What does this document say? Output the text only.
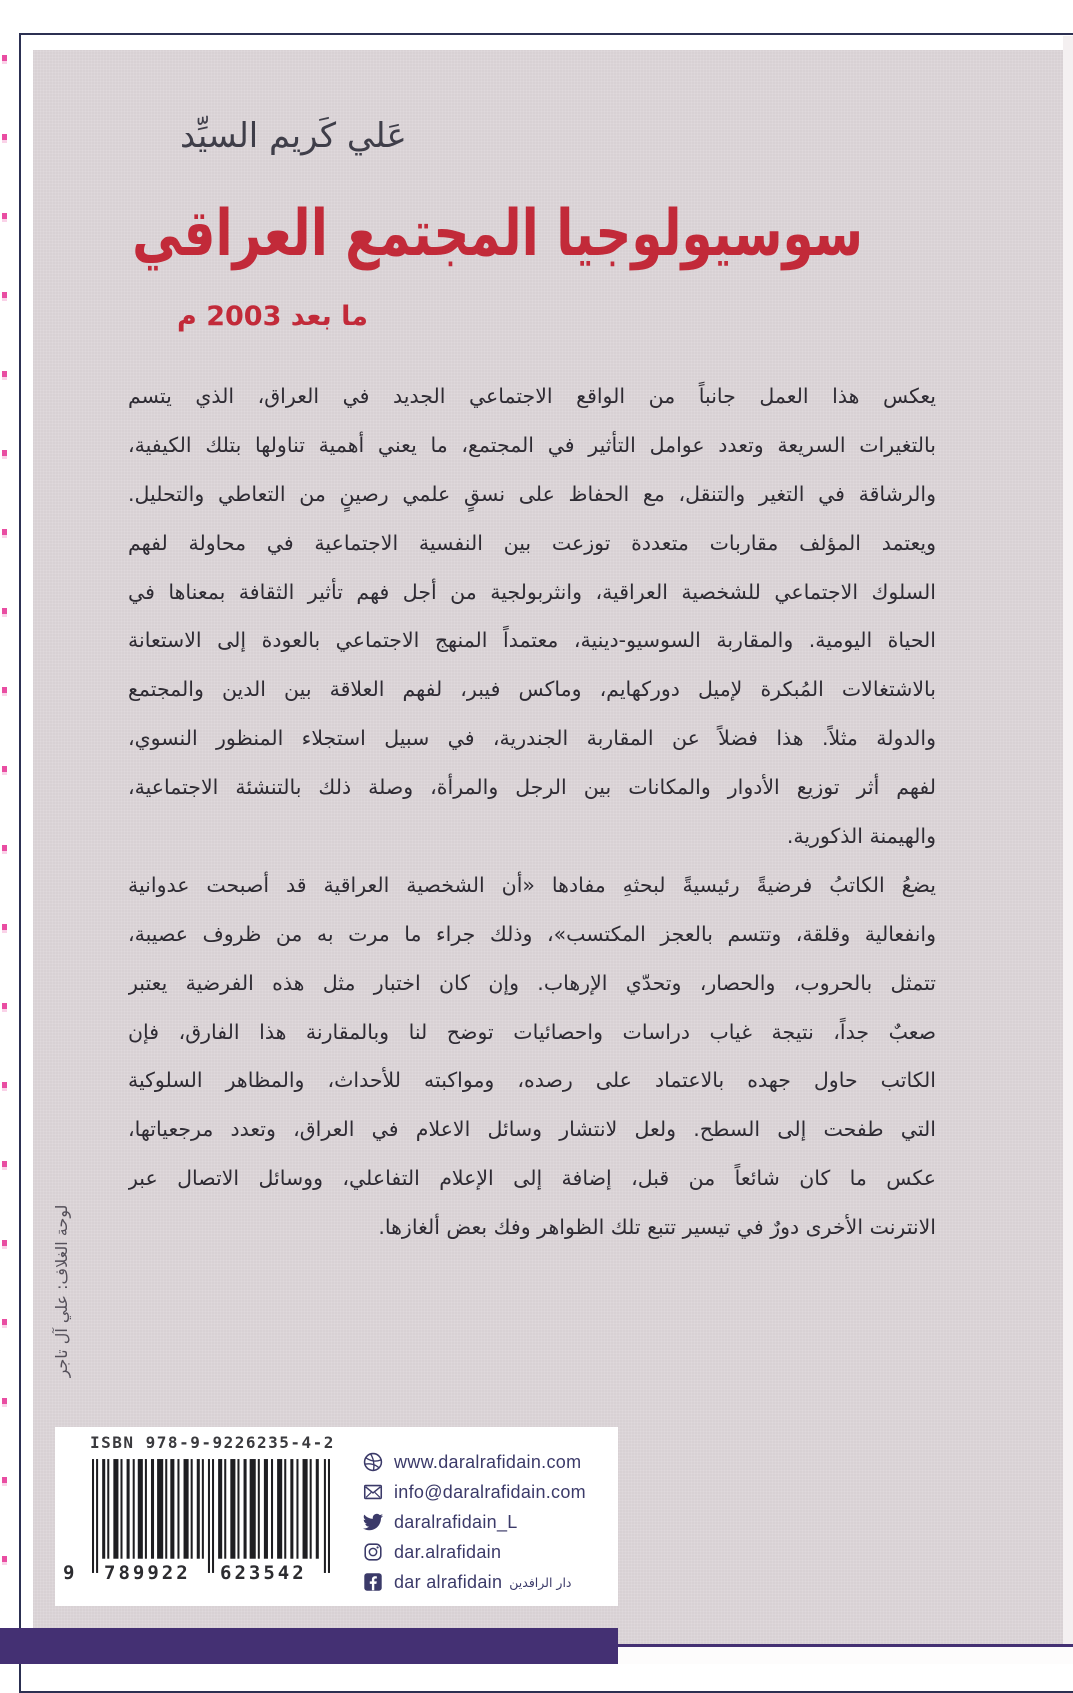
عَلي كَريم السيِّد
سوسيولوجيا المجتمع العراقي
ما بعد 2003 م
يعكس هذا العمل جانباً من الواقع الاجتماعي الجديد في العراق، الذي يتسم
بالتغيرات السريعة وتعدد عوامل التأثير في المجتمع، ما يعني أهمية تناولها بتلك الكيفية،
والرشاقة في التغير والتنقل، مع الحفاظ على نسقٍ علمي رصينٍ من التعاطي والتحليل.
ويعتمد المؤلف مقاربات متعددة توزعت بين النفسية الاجتماعية في محاولة لفهم
السلوك الاجتماعي للشخصية العراقية، وانثربولجية من أجل فهم تأثير الثقافة بمعناها في
الحياة اليومية. والمقاربة السوسيو-دينية، معتمداً المنهج الاجتماعي بالعودة إلى الاستعانة
بالاشتغالات المُبكرة لإميل دوركهايم، وماكس فيبر، لفهم العلاقة بين الدين والمجتمع
والدولة مثلاً. هذا فضلاً عن المقاربة الجندرية، في سبيل استجلاء المنظور النسوي،
لفهم أثر توزيع الأدوار والمكانات بين الرجل والمرأة، وصلة ذلك بالتنشئة الاجتماعية،
والهيمنة الذكورية.
يضعُ الكاتبُ فرضيةً رئيسيةً لبحثهِ مفادها «أن الشخصية العراقية قد أصبحت عدوانية
وانفعالية وقلقة، وتتسم بالعجز المكتسب»، وذلك جراء ما مرت به من ظروف عصيبة،
تتمثل بالحروب، والحصار، وتحدّي الإرهاب. وإن كان اختبار مثل هذه الفرضية يعتبر
صعبٌ جداً، نتيجة غياب دراسات واحصائيات توضح لنا وبالمقارنة هذا الفارق، فإن
الكاتب حاول جهده بالاعتماد على رصده، ومواكبته للأحداث، والمظاهر السلوكية
التي طفحت إلى السطح. ولعل لانتشار وسائل الاعلام في العراق، وتعدد مرجعياتها،
عكس ما كان شائعاً من قبل، إضافة إلى الإعلام التفاعلي، ووسائل الاتصال عبر
الانترنت الأخرى دورٌ في تيسير تتبع تلك الظواهر وفك بعض ألغازها.
لوحة الغلاف: علي آل تاجر
ISBN 978-9-9226235-4-2
9 789922 623542
www.daralrafidain.com
info@daralrafidain.com
daralrafidain_L
dar.alrafidain
dar alrafidain دار الرافدين
